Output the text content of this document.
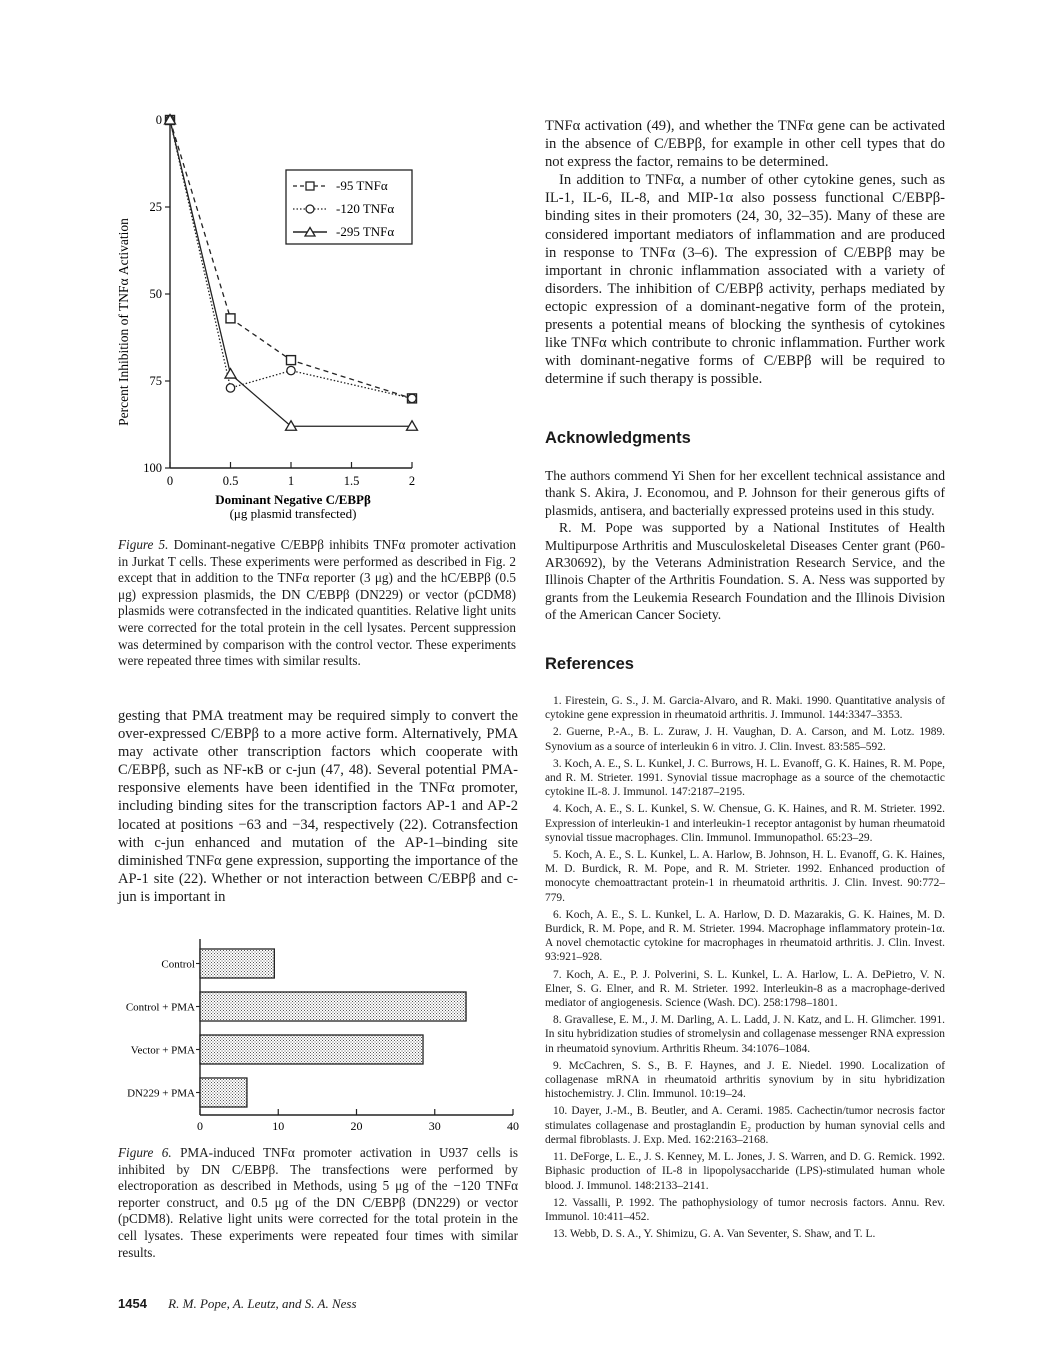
0
25
50
75
100
0	0.5	1	1.5	2
-95 TNFα
-120 TNFα
-295 TNFα
Percent Inhibition of TNFα Activation
Dominant Negative C/EBPβ
(μg plasmid transfected)
Figure 5. Dominant-negative C/EBPβ inhibits TNFα promoter activation in Jurkat T cells. These experiments were performed as described in Fig. 2 except that in addition to the TNFα reporter (3 μg) and the hC/EBPβ (0.5 μg) expression plasmids, the DN C/EBPβ (DN229) or vector (pCDM8) plasmids were cotransfected in the indicated quantities. Relative light units were corrected for the total protein in the cell lysates. Percent suppression was determined by comparison with the control vector. These experiments were repeated three times with similar results.

gesting that PMA treatment may be required simply to convert the over-expressed C/EBPβ to a more active form. Alternatively, PMA may activate other transcription factors which cooperate with C/EBPβ, such as NF-κB or c-jun (47, 48). Several potential PMA-responsive elements have been identified in the TNFα promoter, including binding sites for the transcription factors AP-1 and AP-2 located at positions −63 and −34, respectively (22). Cotransfection with c-jun enhanced and mutation of the AP-1–binding site diminished TNFα gene expression, supporting the importance of the AP-1 site (22). Whether or not interaction between C/EBPβ and c-jun is important in

Control
Control + PMA
Vector + PMA
DN229 + PMA
0	10	20	30	40
Figure 6. PMA-induced TNFα promoter activation in U937 cells is inhibited by DN C/EBPβ. The transfections were performed by electroporation as described in Methods, using 5 μg of the −120 TNFα reporter construct, and 0.5 μg of the DN C/EBPβ (DN229) or vector (pCDM8). Relative light units were corrected for the total protein in the cell lysates. These experiments were repeated four times with similar results.
1454 R. M. Pope, A. Leutz, and S. A. Ness

TNFα activation (49), and whether the TNFα gene can be activated in the absence of C/EBPβ, for example in other cell types that do not express the factor, remains to be determined.

In addition to TNFα, a number of other cytokine genes, such as IL-1, IL-6, IL-8, and MIP-1α also possess functional C/EBPβ-binding sites in their promoters (24, 30, 32–35). Many of these are considered important mediators of inflammation and are produced in response to TNFα (3–6). The expression of C/EBPβ may be important in chronic inflammation associated with a variety of disorders. The inhibition of C/EBPβ activity, perhaps mediated by ectopic expression of a dominant-negative form of the protein, presents a potential means of blocking the synthesis of cytokines like TNFα which contribute to chronic inflammation. Further work with dominant-negative forms of C/EBPβ will be required to determine if such therapy is possible.

Acknowledgments

The authors commend Yi Shen for her excellent technical assistance and thank S. Akira, J. Economou, and P. Johnson for their generous gifts of plasmids, antisera, and bacterially expressed proteins used in this study.

R. M. Pope was supported by a National Institutes of Health Multipurpose Arthritis and Musculoskeletal Diseases Center grant (P60-AR30692), by the Veterans Administration Research Service, and the Illinois Chapter of the Arthritis Foundation. S. A. Ness was supported by grants from the Leukemia Research Foundation and the Illinois Division of the American Cancer Society.

References

1. Firestein, G. S., J. M. Garcia-Alvaro, and R. Maki. 1990. Quantitative analysis of cytokine gene expression in rheumatoid arthritis. J. Immunol. 144:3347–3353.

2. Guerne, P.-A., B. L. Zuraw, J. H. Vaughan, D. A. Carson, and M. Lotz. 1989. Synovium as a source of interleukin 6 in vitro. J. Clin. Invest. 83:585–592.

3. Koch, A. E., S. L. Kunkel, J. C. Burrows, H. L. Evanoff, G. K. Haines, R. M. Pope, and R. M. Strieter. 1991. Synovial tissue macrophage as a source of the chemotactic cytokine IL-8. J. Immunol. 147:2187–2195.

4. Koch, A. E., S. L. Kunkel, S. W. Chensue, G. K. Haines, and R. M. Strieter. 1992. Expression of interleukin-1 and interleukin-1 receptor antagonist by human rheumatoid synovial tissue macrophages. Clin. Immunol. Immunopathol. 65:23–29.

5. Koch, A. E., S. L. Kunkel, L. A. Harlow, B. Johnson, H. L. Evanoff, G. K. Haines, M. D. Burdick, R. M. Pope, and R. M. Strieter. 1992. Enhanced production of monocyte chemoattractant protein-1 in rheumatoid arthritis. J. Clin. Invest. 90:772–779.

6. Koch, A. E., S. L. Kunkel, L. A. Harlow, D. D. Mazarakis, G. K. Haines, M. D. Burdick, R. M. Pope, and R. M. Strieter. 1994. Macrophage inflammatory protein-1α. A novel chemotactic cytokine for macrophages in rheumatoid arthritis. J. Clin. Invest. 93:921–928.

7. Koch, A. E., P. J. Polverini, S. L. Kunkel, L. A. Harlow, L. A. DePietro, V. N. Elner, S. G. Elner, and R. M. Strieter. 1992. Interleukin-8 as a macrophage-derived mediator of angiogenesis. Science (Wash. DC). 258:1798–1801.

8. Gravallese, E. M., J. M. Darling, A. L. Ladd, J. N. Katz, and L. H. Glimcher. 1991. In situ hybridization studies of stromelysin and collagenase messenger RNA expression in rheumatoid synovium. Arthritis Rheum. 34:1076–1084.

9. McCachren, S. S., B. F. Haynes, and J. E. Niedel. 1990. Localization of collagenase mRNA in rheumatoid arthritis synovium by in situ hybridization histochemistry. J. Clin. Immunol. 10:19–24.

10. Dayer, J.-M., B. Beutler, and A. Cerami. 1985. Cachectin/tumor necrosis factor stimulates collagenase and prostaglandin E₂ production by human synovial cells and dermal fibroblasts. J. Exp. Med. 162:2163–2168.

11. DeForge, L. E., J. S. Kenney, M. L. Jones, J. S. Warren, and D. G. Remick. 1992. Biphasic production of IL-8 in lipopolysaccharide (LPS)-stimulated human whole blood. J. Immunol. 148:2133–2141.

12. Vassalli, P. 1992. The pathophysiology of tumor necrosis factors. Annu. Rev. Immunol. 10:411–452.

13. Webb, D. S. A., Y. Shimizu, G. A. Van Seventer, S. Shaw, and T. L.
